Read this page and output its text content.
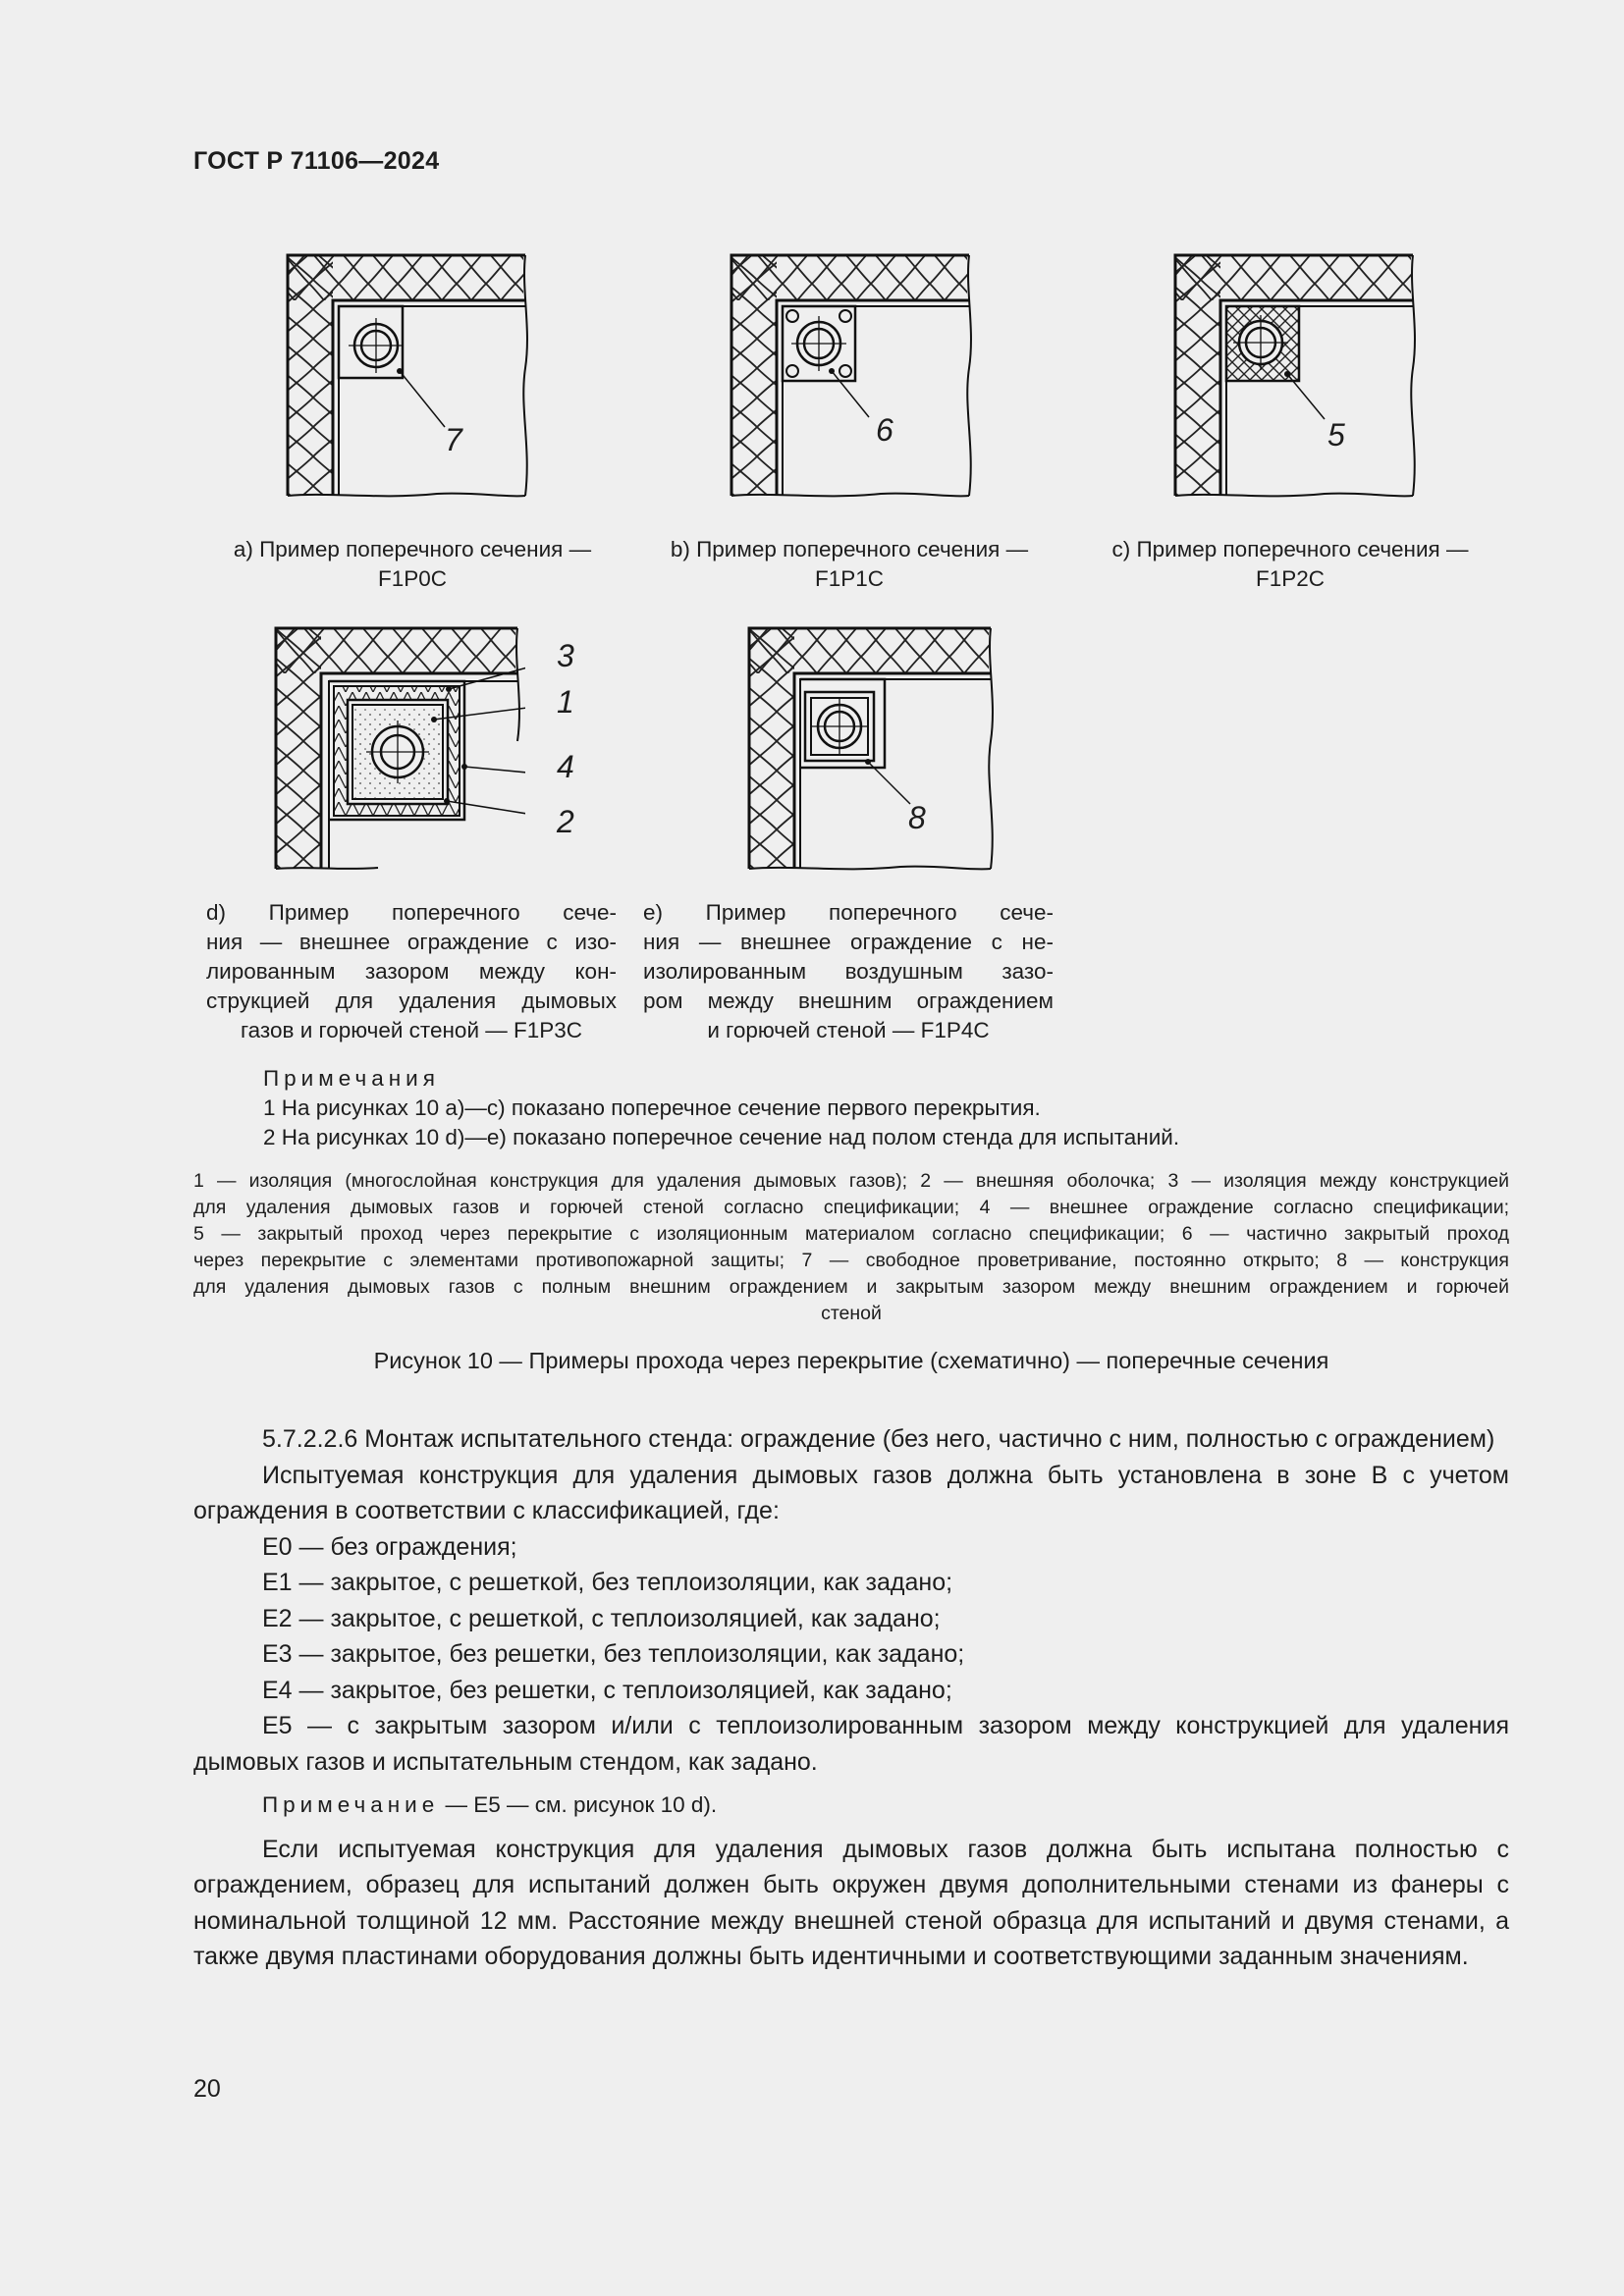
ГОСТ Р 71106—2024
7	6	5
a) Пример поперечного сечения —
F1P0C
b) Пример поперечного сечения —
F1P1C
c) Пример поперечного сечения —
F1P2C
3
1
4
2	8
d) Пример поперечного сече-
ния — внешнее ограждение с изо-
лированным зазором между кон-
струкцией для удаления дымовых
газов и горючей стеной — F1P3C
e) Пример поперечного сече-
ния — внешнее ограждение с не-
изолированным воздушным зазо-
ром между внешним ограждением
и горючей стеной — F1P4C
Примечания
1 На рисунках 10 а)—с) показано поперечное сечение первого перекрытия.
2 На рисунках 10 d)—e) показано поперечное сечение над полом стенда для испытаний.
1 — изоляция (многослойная конструкция для удаления дымовых газов); 2 — внешняя оболочка; 3 — изоляция между конструкцией
для удаления дымовых газов и горючей стеной согласно спецификации; 4 — внешнее ограждение согласно спецификации;
5 — закрытый проход через перекрытие с изоляционным материалом согласно спецификации; 6 — частично закрытый проход
через перекрытие с элементами противопожарной защиты; 7 — свободное проветривание, постоянно открыто; 8 — конструкция
для удаления дымовых газов с полным внешним ограждением и закрытым зазором между внешним ограждением и горючей
стеной
Рисунок 10 — Примеры прохода через перекрытие (схематично) — поперечные сечения

5.7.2.2.6 Монтаж испытательного стенда: ограждение (без него, частично с ним, полностью с ограждением)

Испытуемая конструкция для удаления дымовых газов должна быть установлена в зоне В с учетом ограждения в соответствии с классификацией, где:

Е0 — без ограждения;
Е1 — закрытое, с решеткой, без теплоизоляции, как задано;
Е2 — закрытое, с решеткой, с теплоизоляцией, как задано;
Е3 — закрытое, без решетки, без теплоизоляции, как задано;
Е4 — закрытое, без решетки, с теплоизоляцией, как задано;

Е5 — с закрытым зазором и/или с теплоизолированным зазором между конструкцией для удаления дымовых газов и испытательным стендом, как задано.

Примечание — Е5 — см. рисунок 10 d).

Если испытуемая конструкция для удаления дымовых газов должна быть испытана полностью с ограждением, образец для испытаний должен быть окружен двумя дополнительными стенами из фанеры с номинальной толщиной 12 мм. Расстояние между внешней стеной образца для испытаний и двумя стенами, а также двумя пластинами оборудования должны быть идентичными и соответствующими заданным значениям.

20
